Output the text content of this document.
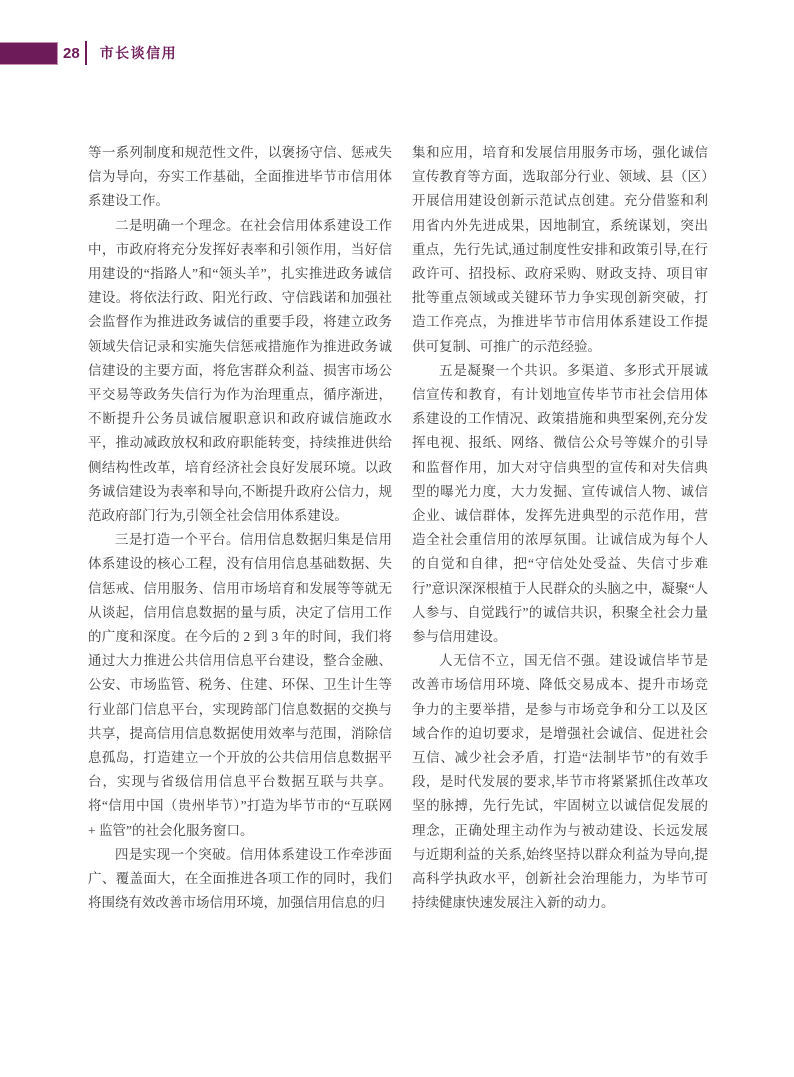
28 市长谈信用

等一系列制度和规范性文件，以褒扬守信、惩戒失信为导向，夯实工作基础，全面推进毕节市信用体系建设工作。

二是明确一个理念。在社会信用体系建设工作中，市政府将充分发挥好表率和引领作用，当好信用建设的“指路人”和“领头羊”，扎实推进政务诚信建设。将依法行政、阳光行政、守信践诺和加强社会监督作为推进政务诚信的重要手段，将建立政务领域失信记录和实施失信惩戒措施作为推进政务诚信建设的主要方面，将危害群众利益、损害市场公平交易等政务失信行为作为治理重点，循序渐进，不断提升公务员诚信履职意识和政府诚信施政水平，推动减政放权和政府职能转变，持续推进供给侧结构性改革，培育经济社会良好发展环境。以政务诚信建设为表率和导向,不断提升政府公信力，规范政府部门行为,引领全社会信用体系建设。

三是打造一个平台。信用信息数据归集是信用体系建设的核心工程，没有信用信息基础数据、失信惩戒、信用服务、信用市场培育和发展等等就无从谈起，信用信息数据的量与质，决定了信用工作的广度和深度。在今后的 2 到 3 年的时间，我们将通过大力推进公共信用信息平台建设，整合金融、公安、市场监管、税务、住建、环保、卫生计生等行业部门信息平台，实现跨部门信息数据的交换与共享，提高信用信息数据使用效率与范围，消除信息孤岛，打造建立一个开放的公共信用信息数据平台，实现与省级信用信息平台数据互联与共享。将“信用中国（贵州毕节）”打造为毕节市的“互联网 + 监管”的社会化服务窗口。

四是实现一个突破。信用体系建设工作牵涉面广、覆盖面大，在全面推进各项工作的同时，我们将围绕有效改善市场信用环境，加强信用信息的归

集和应用，培育和发展信用服务市场，强化诚信宣传教育等方面，选取部分行业、领域、县（区）开展信用建设创新示范试点创建。充分借鉴和利用省内外先进成果，因地制宜，系统谋划，突出重点，先行先试,通过制度性安排和政策引导,在行政许可、招投标、政府采购、财政支持、项目审批等重点领域或关键环节力争实现创新突破，打造工作亮点，为推进毕节市信用体系建设工作提供可复制、可推广的示范经验。

五是凝聚一个共识。多渠道、多形式开展诚信宣传和教育，有计划地宣传毕节市社会信用体系建设的工作情况、政策措施和典型案例,充分发挥电视、报纸、网络、微信公众号等媒介的引导和监督作用，加大对守信典型的宣传和对失信典型的曝光力度，大力发掘、宣传诚信人物、诚信企业、诚信群体，发挥先进典型的示范作用，营造全社会重信用的浓厚氛围。让诚信成为每个人的自觉和自律，把“守信处处受益、失信寸步难行”意识深深根植于人民群众的头脑之中，凝聚“人人参与、自觉践行”的诚信共识，积聚全社会力量参与信用建设。

人无信不立，国无信不强。建设诚信毕节是改善市场信用环境、降低交易成本、提升市场竞争力的主要举措，是参与市场竞争和分工以及区域合作的迫切要求，是增强社会诚信、促进社会互信、减少社会矛盾，打造“法制毕节”的有效手段，是时代发展的要求,毕节市将紧紧抓住改革攻坚的脉搏，先行先试，牢固树立以诚信促发展的理念，正确处理主动作为与被动建设、长远发展与近期利益的关系,始终坚持以群众利益为导向,提高科学执政水平，创新社会治理能力，为毕节可持续健康快速发展注入新的动力。
